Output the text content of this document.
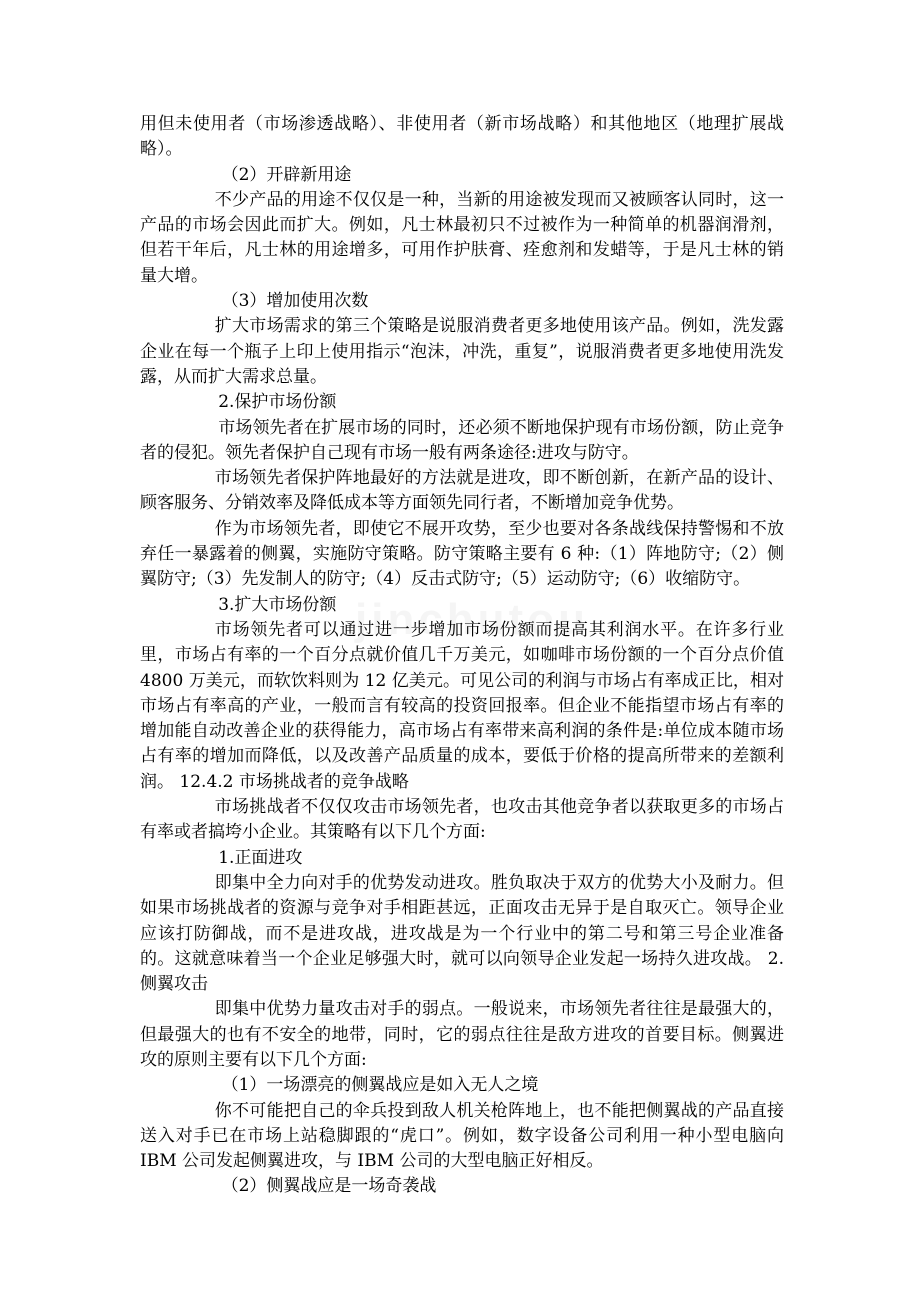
用但未使用者（市场渗透战略）、非使用者（新市场战略）和其他地区（地理扩展战略）。

（2）开辟新用途

不少产品的用途不仅仅是一种，当新的用途被发现而又被顾客认同时，这一产品的市场会因此而扩大。例如，凡士林最初只不过被作为一种简单的机器润滑剂，但若干年后，凡士林的用途增多，可用作护肤膏、痊愈剂和发蜡等，于是凡士林的销量大增。

（3）增加使用次数

扩大市场需求的第三个策略是说服消费者更多地使用该产品。例如，洗发露企业在每一个瓶子上印上使用指示“泡沫，冲洗，重复”，说服消费者更多地使用洗发露，从而扩大需求总量。

2.保护市场份额

市场领先者在扩展市场的同时，还必须不断地保护现有市场份额，防止竞争者的侵犯。领先者保护自己现有市场一般有两条途径:进攻与防守。

市场领先者保护阵地最好的方法就是进攻，即不断创新，在新产品的设计、顾客服务、分销效率及降低成本等方面领先同行者，不断增加竞争优势。

作为市场领先者，即使它不展开攻势，至少也要对各条战线保持警惕和不放弃任一暴露着的侧翼，实施防守策略。防守策略主要有 6 种:（1）阵地防守;（2）侧翼防守;（3）先发制人的防守;（4）反击式防守;（5）运动防守;（6）收缩防守。

3.扩大市场份额

市场领先者可以通过进一步增加市场份额而提高其利润水平。在许多行业里，市场占有率的一个百分点就价值几千万美元，如咖啡市场份额的一个百分点价值 4800 万美元，而软饮料则为 12 亿美元。可见公司的利润与市场占有率成正比，相对市场占有率高的产业，一般而言有较高的投资回报率。但企业不能指望市场占有率的增加能自动改善企业的获得能力，高市场占有率带来高利润的条件是:单位成本随市场占有率的增加而降低，以及改善产品质量的成本，要低于价格的提高所带来的差额利润。 12.4.2 市场挑战者的竞争战略

市场挑战者不仅仅攻击市场领先者，也攻击其他竞争者以获取更多的市场占有率或者搞垮小企业。其策略有以下几个方面:

1.正面进攻

即集中全力向对手的优势发动进攻。胜负取决于双方的优势大小及耐力。但如果市场挑战者的资源与竞争对手相距甚远，正面攻击无异于是自取灭亡。领导企业应该打防御战，而不是进攻战，进攻战是为一个行业中的第二号和第三号企业准备的。这就意味着当一个企业足够强大时，就可以向领导企业发起一场持久进攻战。 2.侧翼攻击

即集中优势力量攻击对手的弱点。一般说来，市场领先者往往是最强大的，但最强大的也有不安全的地带，同时，它的弱点往往是敌方进攻的首要目标。侧翼进攻的原则主要有以下几个方面:

（1）一场漂亮的侧翼战应是如入无人之境

你不可能把自己的伞兵投到敌人机关枪阵地上，也不能把侧翼战的产品直接送入对手已在市场上站稳脚跟的“虎口”。例如，数字设备公司利用一种小型电脑向 IBM 公司发起侧翼进攻，与 IBM 公司的大型电脑正好相反。

（2）侧翼战应是一场奇袭战
